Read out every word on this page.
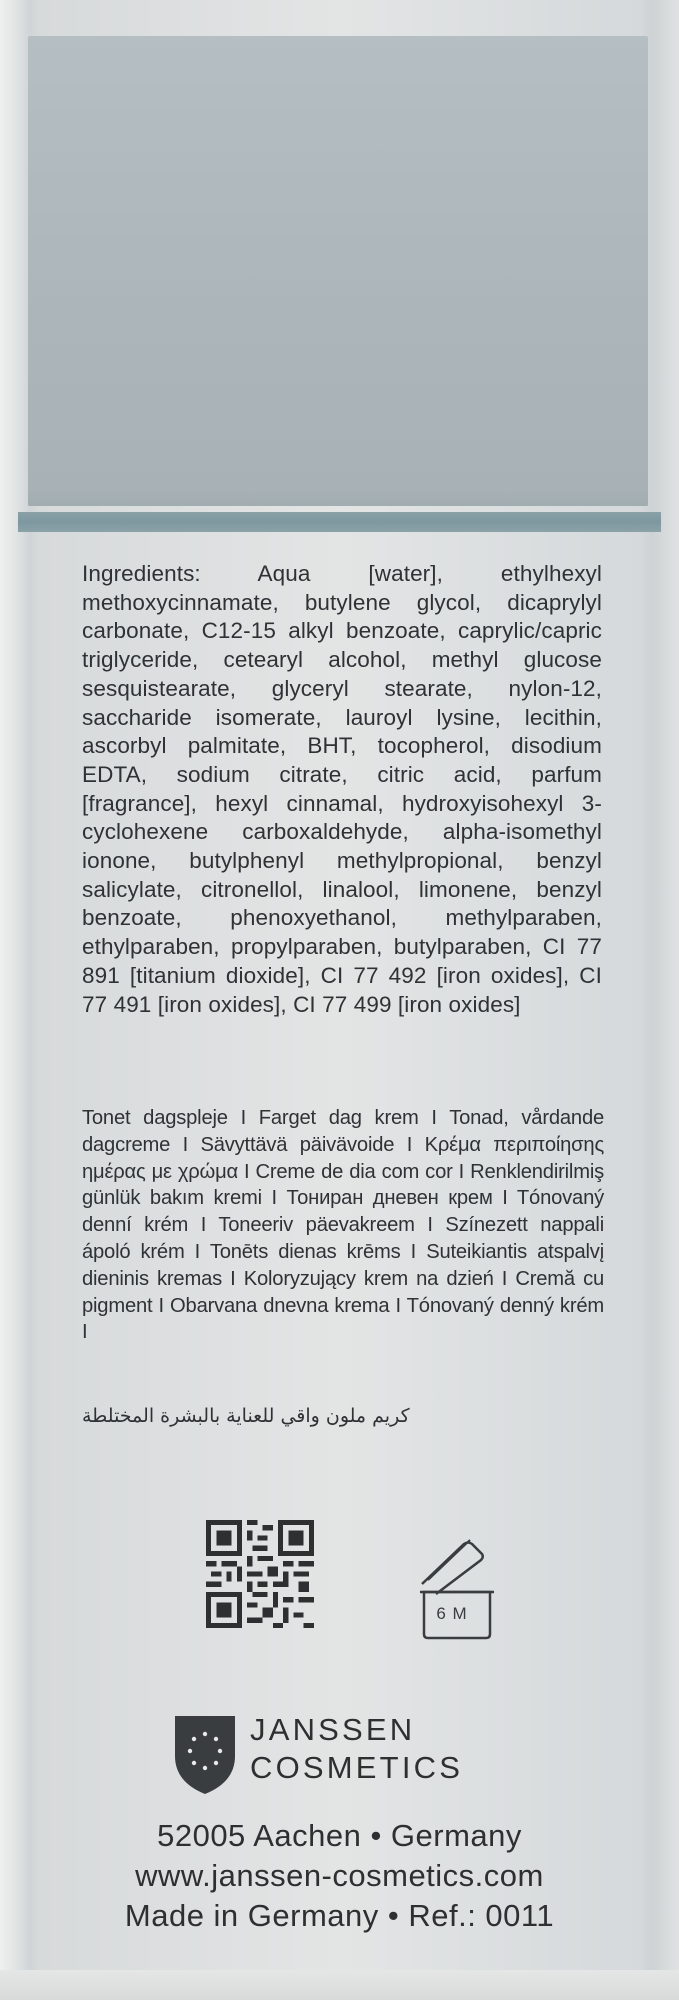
Ingredients: Aqua [water], ethylhexyl methoxycinnamate, butylene glycol, dicaprylyl carbonate, C12-15 alkyl benzoate, caprylic/capric triglyceride, cetearyl alcohol, methyl glucose sesquistearate, glyceryl stearate, nylon-12, saccharide isomerate, lauroyl lysine, lecithin, ascorbyl palmitate, BHT, tocopherol, disodium EDTA, sodium citrate, citric acid, parfum [fragrance], hexyl cinnamal, hydroxyisohexyl 3-cyclohexene carboxaldehyde, alpha-isomethyl ionone, butylphenyl methylpropional, benzyl salicylate, citronellol, linalool, limonene, benzyl benzoate, phenoxyethanol, methylparaben, ethylparaben, propylparaben, butylparaben, CI 77 891 [titanium dioxide], CI 77 492 [iron oxides], CI 77 491 [iron oxides], CI 77 499 [iron oxides]

Tonet dagspleje I Farget dag krem I Tonad, vårdande dagcreme I Sävyttävä päivävoide I Κρέμα περιποίησης ημέρας με χρώμα I Creme de dia com cor I Renklendirilmiş günlük bakım kremi I Тониран дневен крем I Tónovaný denní krém I Toneeriv päevakreem I Színezett nappali ápoló krém I Tonēts dienas krēms I Suteikiantis atspalvį dieninis kremas I Koloryzujący krem na dzień I Cremă cu pigment I Obarvana dnevna krema I Tónovaný denný krém I

كريم ملون واقي للعناية بالبشرة المختلطة
6 M
JANSSEN
COSMETICS
52005 Aachen • Germany
www.janssen-cosmetics.com
Made in Germany • Ref.: 0011
